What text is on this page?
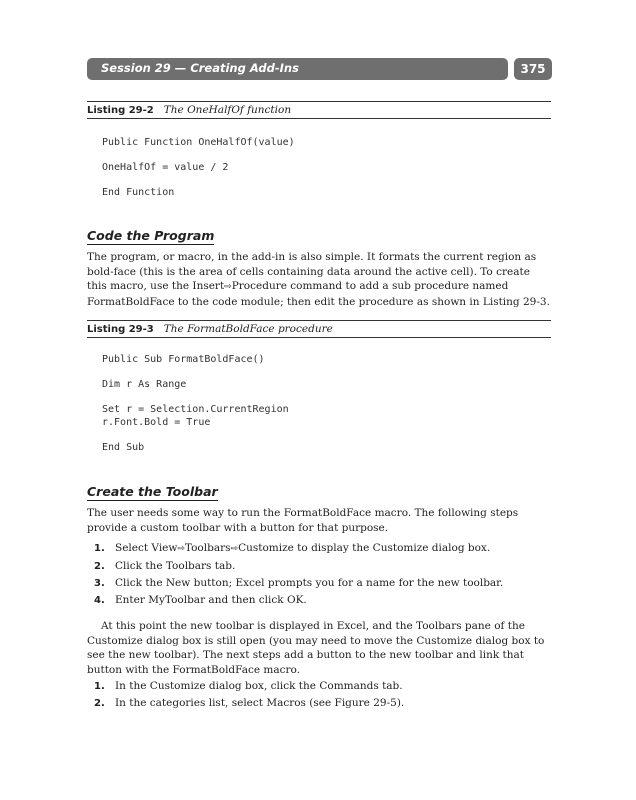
Session 29 — Creating Add-Ins	375
Listing 29-2 The OneHalfOf function
Public Function OneHalfOf(value)
OneHalfOf = value / 2
End Function
Code the Program
The program, or macro, in the add-in is also simple. It formats the current region as bold-face (this is the area of cells containing data around the active cell). To create this macro, use the Insert⇨Procedure command to add a sub procedure named FormatBoldFace to the code module; then edit the procedure as shown in Listing 29-3.
Listing 29-3 The FormatBoldFace procedure
Public Sub FormatBoldFace()
Dim r As Range
Set r = Selection.CurrentRegion
r.Font.Bold = True
End Sub
Create the Toolbar
The user needs some way to run the FormatBoldFace macro. The following steps provide a custom toolbar with a button for that purpose.
1. Select View⇨Toolbars⇨Customize to display the Customize dialog box.
2. Click the Toolbars tab.
3. Click the New button; Excel prompts you for a name for the new toolbar.
4. Enter MyToolbar and then click OK.
At this point the new toolbar is displayed in Excel, and the Toolbars pane of the Customize dialog box is still open (you may need to move the Customize dialog box to see the new toolbar). The next steps add a button to the new toolbar and link that button with the FormatBoldFace macro.
1. In the Customize dialog box, click the Commands tab.
2. In the categories list, select Macros (see Figure 29-5).
